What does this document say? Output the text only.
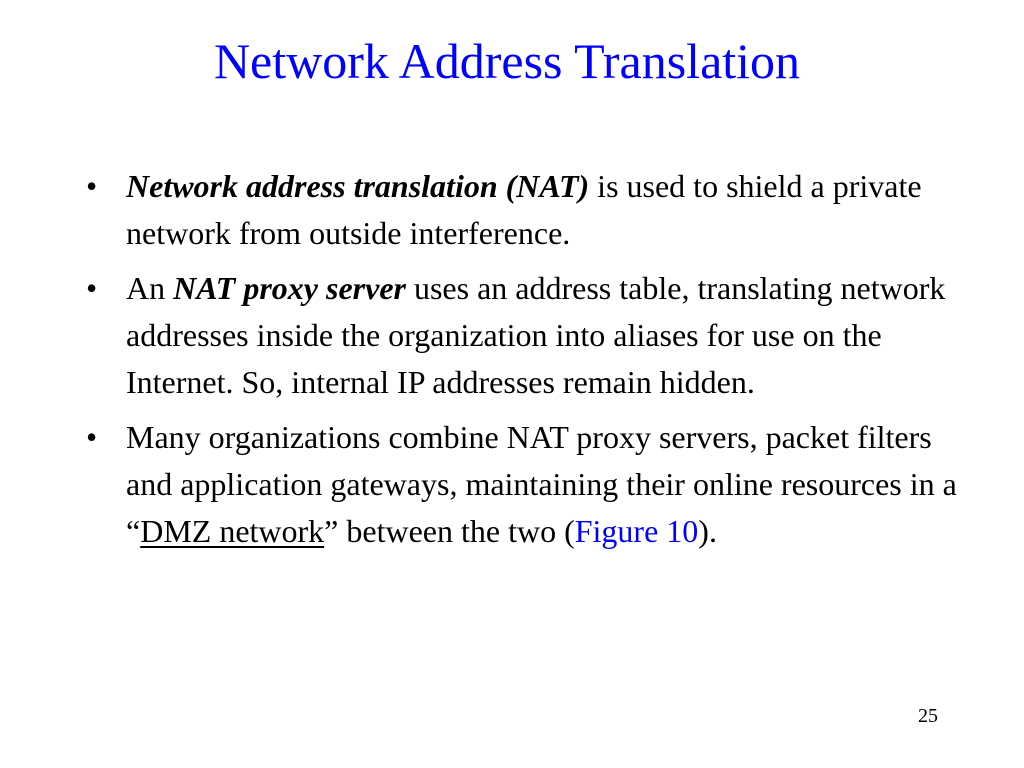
Network Address Translation
• Network address translation (NAT) is used to shield a private network from outside interference.
• An NAT proxy server uses an address table, translating network addresses inside the organization into aliases for use on the Internet. So, internal IP addresses remain hidden.
• Many organizations combine NAT proxy servers, packet filters and application gateways, maintaining their online resources in a “DMZ network” between the two (Figure 10).
25
